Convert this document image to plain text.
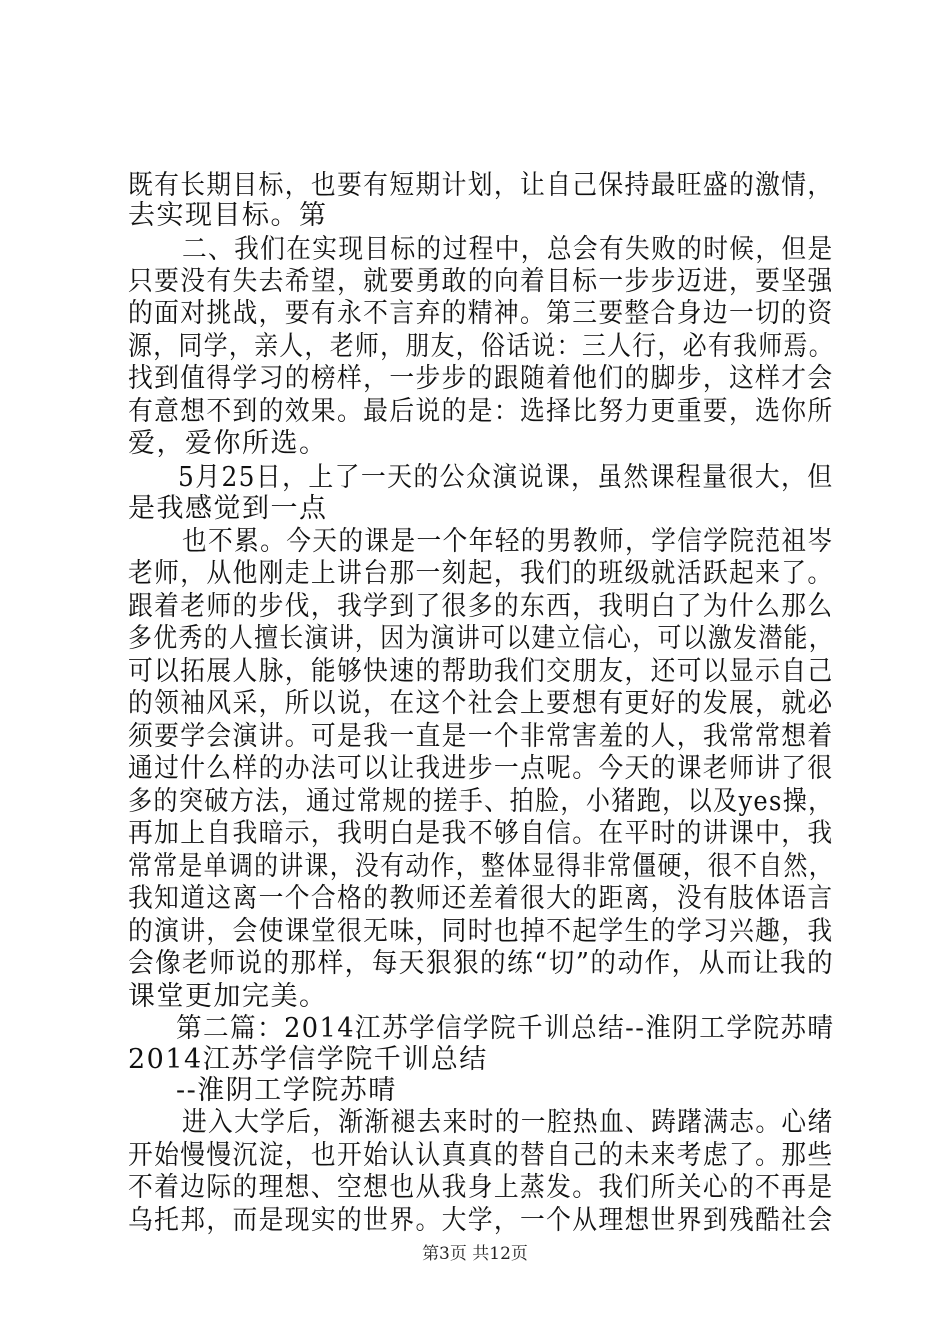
既有长期目标，也要有短期计划，让自己保持最旺盛的激情，
去实现目标。第
二、我们在实现目标的过程中，总会有失败的时候，但是
只要没有失去希望，就要勇敢的向着目标一步步迈进，要坚强
的面对挑战，要有永不言弃的精神。第三要整合身边一切的资
源，同学，亲人，老师，朋友，俗话说：三人行，必有我师焉。
找到值得学习的榜样，一步步的跟随着他们的脚步，这样才会
有意想不到的效果。最后说的是：选择比努力更重要，选你所
爱，爱你所选。
5月25日，上了一天的公众演说课，虽然课程量很大，但
是我感觉到一点
也不累。今天的课是一个年轻的男教师，学信学院范祖岑
老师，从他刚走上讲台那一刻起，我们的班级就活跃起来了。
跟着老师的步伐，我学到了很多的东西，我明白了为什么那么
多优秀的人擅长演讲，因为演讲可以建立信心，可以激发潜能，
可以拓展人脉，能够快速的帮助我们交朋友，还可以显示自己
的领袖风采，所以说，在这个社会上要想有更好的发展，就必
须要学会演讲。可是我一直是一个非常害羞的人，我常常想着
通过什么样的办法可以让我进步一点呢。今天的课老师讲了很
多的突破方法，通过常规的搓手、拍脸，小猪跑，以及yes操，
再加上自我暗示，我明白是我不够自信。在平时的讲课中，我
常常是单调的讲课，没有动作，整体显得非常僵硬，很不自然，
我知道这离一个合格的教师还差着很大的距离，没有肢体语言
的演讲，会使课堂很无味，同时也掉不起学生的学习兴趣，我
会像老师说的那样，每天狠狠的练“切”的动作，从而让我的
课堂更加完美。
第二篇：2014江苏学信学院千训总结--淮阴工学院苏晴
2014江苏学信学院千训总结
--淮阴工学院苏晴
进入大学后，渐渐褪去来时的一腔热血、踌躇满志。心绪
开始慢慢沉淀，也开始认认真真的替自己的未来考虑了。那些
不着边际的理想、空想也从我身上蒸发。我们所关心的不再是
乌托邦，而是现实的世界。大学，一个从理想世界到残酷社会
第3页 共12页
